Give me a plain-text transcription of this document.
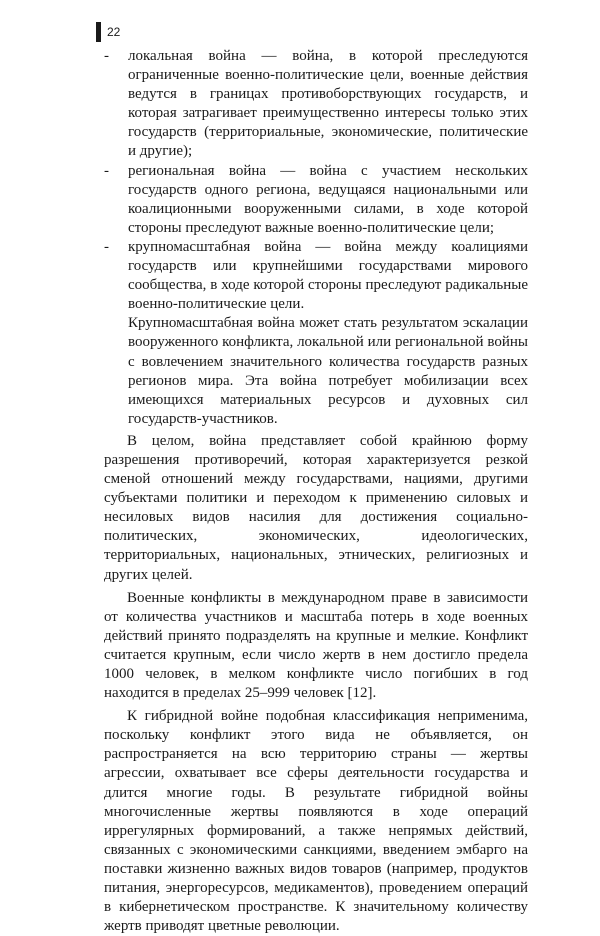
22
-	локальная война — война, в которой преследуются ограниченные военно-политические цели, военные действия ведутся в границах противоборствующих государств, и которая затрагивает преимущественно интересы только этих государств (территориальные, экономические, политические и другие);
-	региональная война — война с участием нескольких государств одного региона, ведущаяся национальными или коалиционными вооруженными силами, в ходе которой стороны преследуют важные военно-политические цели;
-	крупномасштабная война — война между коалициями государств или крупнейшими государствами мирового сообщества, в ходе которой стороны преследуют радикальные военно-политические цели.
Крупномасштабная война может стать результатом эскалации вооруженного конфликта, локальной или региональной войны с вовлечением значительного количества государств разных регионов мира. Эта война потребует мобилизации всех имеющихся материальных ресурсов и духовных сил государств-участников.

В целом, война представляет собой крайнюю форму разрешения противоречий, которая характеризуется резкой сменой отношений между государствами, нациями, другими субъектами политики и переходом к применению силовых и несиловых видов насилия для достижения социально-политических, экономических, идеологических, территориальных, национальных, этнических, религиозных и других целей.

Военные конфликты в международном праве в зависимости от количества участников и масштаба потерь в ходе военных действий принято подразделять на крупные и мелкие. Конфликт считается крупным, если число жертв в нем достигло предела 1000 человек, в мелком конфликте число погибших в год находится в пределах 25–999 человек [12].

К гибридной войне подобная классификация неприменима, поскольку конфликт этого вида не объявляется, он распространяется на всю территорию страны — жертвы агрессии, охватывает все сферы деятельности государства и длится многие годы. В результате гибридной войны многочисленные жертвы появляются в ходе операций иррегулярных формирований, а также непрямых действий, связанных с экономическими санкциями, введением эмбарго на поставки жизненно важных видов товаров (например, продуктов питания, энергоресурсов, медикаментов), проведением операций в кибернетическом пространстве. К значительному количеству жертв приводят цветные революции.
